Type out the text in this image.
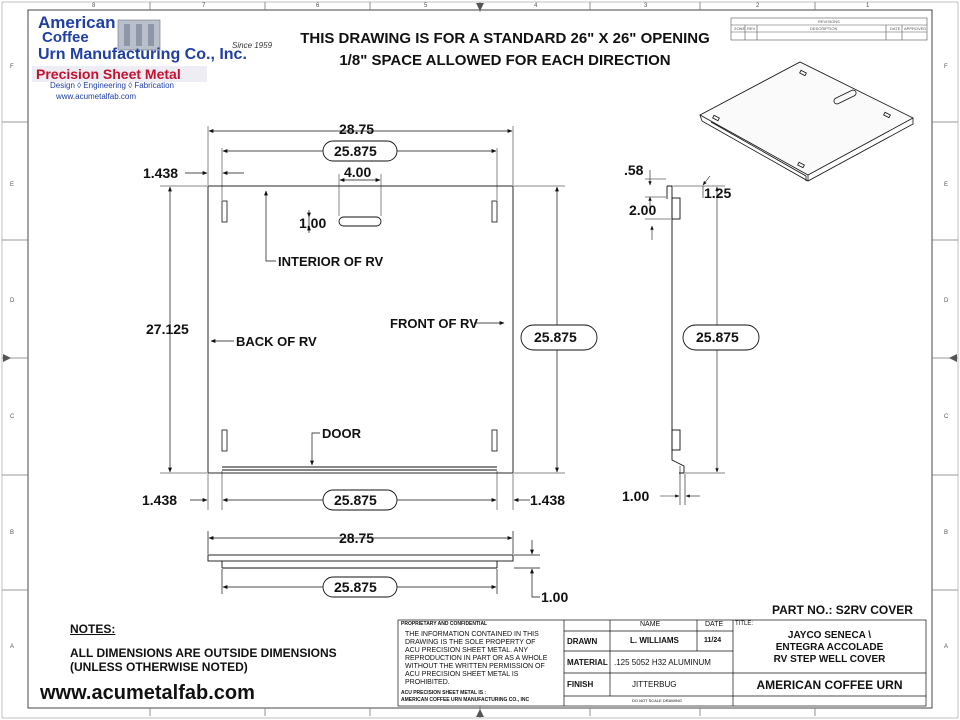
American
Coffee
Urn Manufacturing Co., Inc.
Since 1959
Precision Sheet Metal
Design ◊ Engineering ◊ Fabrication
www.acumetalfab.com
THIS DRAWING IS FOR A STANDARD 26" X 26" OPENING
1/8" SPACE ALLOWED FOR EACH DIRECTION
8	7	6	5	4	3	2	1
F
E
D
C
B
A
F
E
D
C
B
A
REVISIONS
ZONE REV.	DESCRIPTION	DATE APPROVED
28.75
25.875
4.00
1.00
1.438
27.125	25.875
1.438	25.875	1.438
INTERIOR OF RV
FRONT OF RV
BACK OF RV
DOOR
.58
1.25
2.00
25.875
1.00
28.75
25.875
1.00
PART NO.: S2RV COVER
NOTES:
ALL DIMENSIONS ARE OUTSIDE DIMENSIONS
(UNLESS OTHERWISE NOTED)
www.acumetalfab.com
PROPRIETARY AND CONFIDENTIAL
THE INFORMATION CONTAINED IN THIS
DRAWING IS THE SOLE PROPERTY OF
ACU PRECISION SHEET METAL. ANY
REPRODUCTION IN PART OR AS A WHOLE
WITHOUT THE WRITTEN PERMISSION OF
ACU PRECISION SHEET METAL IS
PROHIBITED.
ACU PRECISION SHEET METAL IS :
AMERICAN COFFEE URN MANUFACTURING CO., INC
NAME	DATE
DRAWN	L. WILLIAMS	11/24
MATERIAL .125 5052 H32 ALUMINUM
FINISH	JITTERBUG
DO NOT SCALE DRAWING
TITLE:
JAYCO SENECA \
ENTEGRA ACCOLADE
RV STEP WELL COVER
AMERICAN COFFEE URN
